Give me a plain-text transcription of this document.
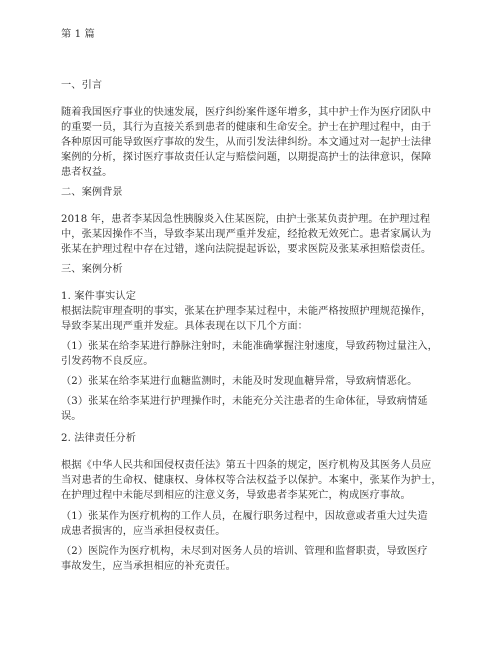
第 1 篇
一、引言
随着我国医疗事业的快速发展，医疗纠纷案件逐年增多，其中护士作为医疗团队中
的重要一员，其行为直接关系到患者的健康和生命安全。护士在护理过程中，由于
各种原因可能导致医疗事故的发生，从而引发法律纠纷。本文通过对一起护士法律
案例的分析，探讨医疗事故责任认定与赔偿问题，以期提高护士的法律意识，保障
患者权益。
二、案例背景
2018 年，患者李某因急性胰腺炎入住某医院，由护士张某负责护理。在护理过程
中，张某因操作不当，导致李某出现严重并发症，经抢救无效死亡。患者家属认为
张某在护理过程中存在过错，遂向法院提起诉讼，要求医院及张某承担赔偿责任。
三、案例分析
1. 案件事实认定
根据法院审理查明的事实，张某在护理李某过程中，未能严格按照护理规范操作，
导致李某出现严重并发症。具体表现在以下几个方面：
（1）张某在给李某进行静脉注射时，未能准确掌握注射速度，导致药物过量注入，
引发药物不良反应。
（2）张某在给李某进行血糖监测时，未能及时发现血糖异常，导致病情恶化。
（3）张某在给李某进行护理操作时，未能充分关注患者的生命体征，导致病情延
误。
2. 法律责任分析
根据《中华人民共和国侵权责任法》第五十四条的规定，医疗机构及其医务人员应
当对患者的生命权、健康权、身体权等合法权益予以保护。本案中，张某作为护士，
在护理过程中未能尽到相应的注意义务，导致患者李某死亡，构成医疗事故。
（1）张某作为医疗机构的工作人员，在履行职务过程中，因故意或者重大过失造
成患者损害的，应当承担侵权责任。
（2）医院作为医疗机构，未尽到对医务人员的培训、管理和监督职责，导致医疗
事故发生，应当承担相应的补充责任。
